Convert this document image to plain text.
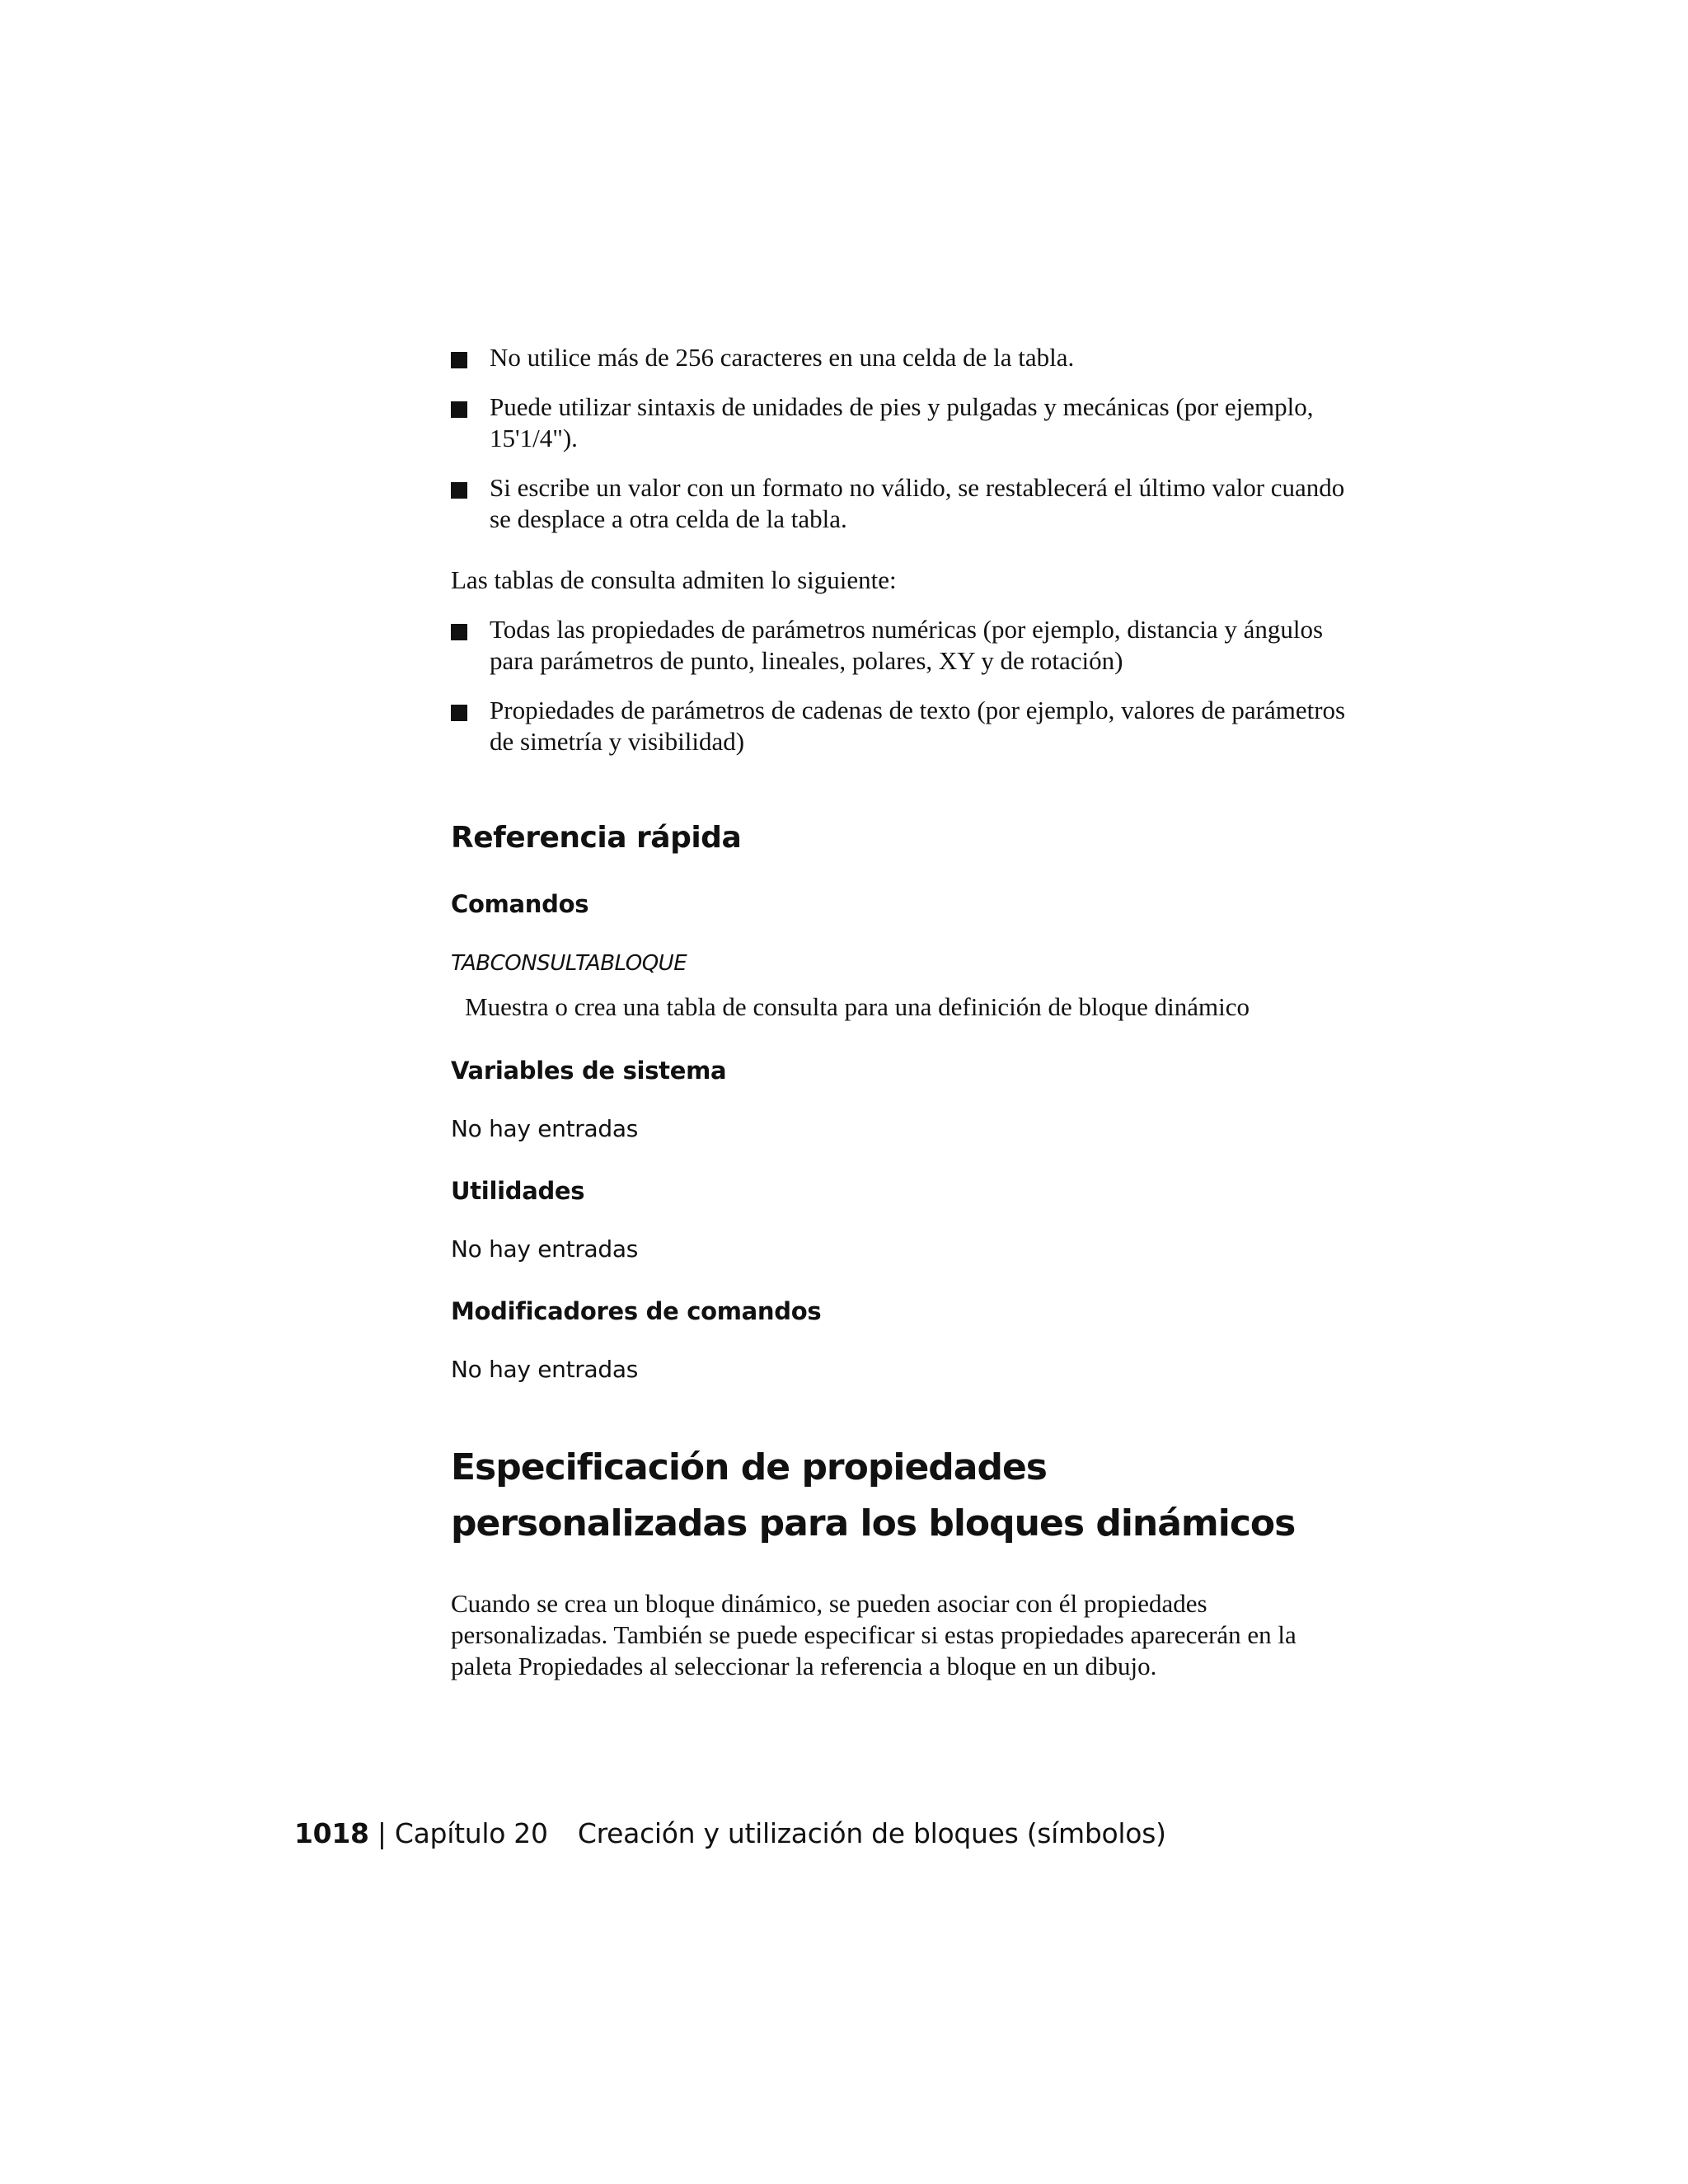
No utilice más de 256 caracteres en una celda de la tabla.
Puede utilizar sintaxis de unidades de pies y pulgadas y mecánicas (por ejemplo, 15'1/4").
Si escribe un valor con un formato no válido, se restablecerá el último valor cuando se desplace a otra celda de la tabla.

Las tablas de consulta admiten lo siguiente:

Todas las propiedades de parámetros numéricas (por ejemplo, distancia y ángulos para parámetros de punto, lineales, polares, XY y de rotación)
Propiedades de parámetros de cadenas de texto (por ejemplo, valores de parámetros de simetría y visibilidad)
Referencia rápida
Comandos
TABCONSULTABLOQUE
Muestra o crea una tabla de consulta para una definición de bloque dinámico
Variables de sistema
No hay entradas
Utilidades
No hay entradas
Modificadores de comandos
No hay entradas
Especificación de propiedades personalizadas para los bloques dinámicos

Cuando se crea un bloque dinámico, se pueden asociar con él propiedades personalizadas. También se puede especificar si estas propiedades aparecerán en la paleta Propiedades al seleccionar la referencia a bloque en un dibujo.

1018 | Capítulo 20 Creación y utilización de bloques (símbolos)
